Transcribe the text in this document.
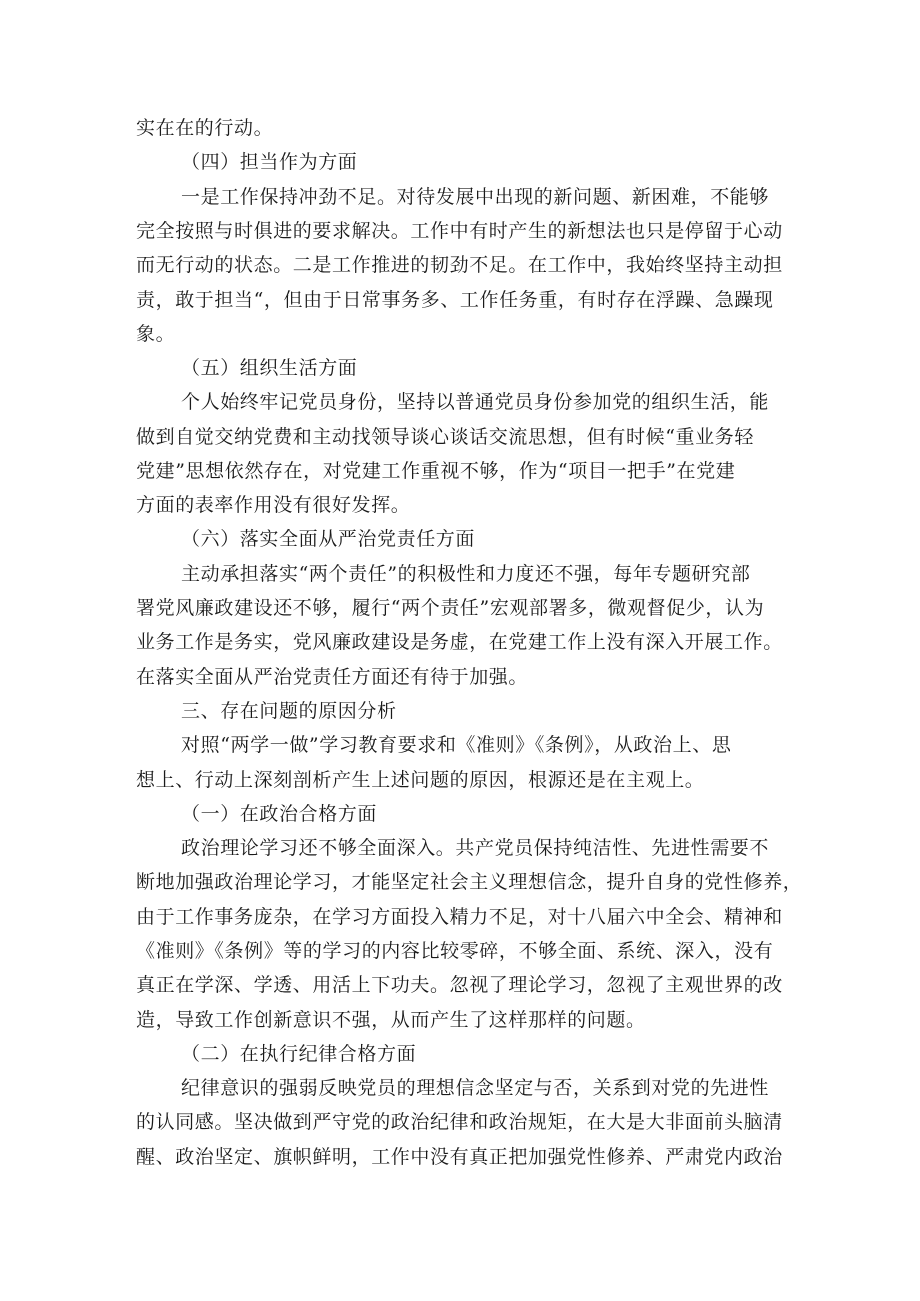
实在在的行动。
（四）担当作为方面
一是工作保持冲劲不足。对待发展中出现的新问题、新困难，不能够
完全按照与时俱进的要求解决。工作中有时产生的新想法也只是停留于心动
而无行动的状态。二是工作推进的韧劲不足。在工作中，我始终坚持主动担
责，敢于担当“，但由于日常事务多、工作任务重，有时存在浮躁、急躁现
象。
（五）组织生活方面
个人始终牢记党员身份，坚持以普通党员身份参加党的组织生活，能
做到自觉交纳党费和主动找领导谈心谈话交流思想，但有时候“重业务轻
党建”思想依然存在，对党建工作重视不够，作为“项目一把手”在党建
方面的表率作用没有很好发挥。
（六）落实全面从严治党责任方面
主动承担落实“两个责任”的积极性和力度还不强，每年专题研究部
署党风廉政建设还不够，履行“两个责任”宏观部署多，微观督促少，认为
业务工作是务实，党风廉政建设是务虚，在党建工作上没有深入开展工作。
在落实全面从严治党责任方面还有待于加强。
三、存在问题的原因分析
对照“两学一做”学习教育要求和《准则》《条例》，从政治上、思
想上、行动上深刻剖析产生上述问题的原因，根源还是在主观上。
（一）在政治合格方面
政治理论学习还不够全面深入。共产党员保持纯洁性、先进性需要不
断地加强政治理论学习，才能坚定社会主义理想信念，提升自身的党性修养，
由于工作事务庞杂，在学习方面投入精力不足，对十八届六中全会、精神和
《准则》《条例》等的学习的内容比较零碎，不够全面、系统、深入，没有
真正在学深、学透、用活上下功夫。忽视了理论学习，忽视了主观世界的改
造，导致工作创新意识不强，从而产生了这样那样的问题。
（二）在执行纪律合格方面
纪律意识的强弱反映党员的理想信念坚定与否，关系到对党的先进性
的认同感。坚决做到严守党的政治纪律和政治规矩，在大是大非面前头脑清
醒、政治坚定、旗帜鲜明，工作中没有真正把加强党性修养、严肃党内政治
